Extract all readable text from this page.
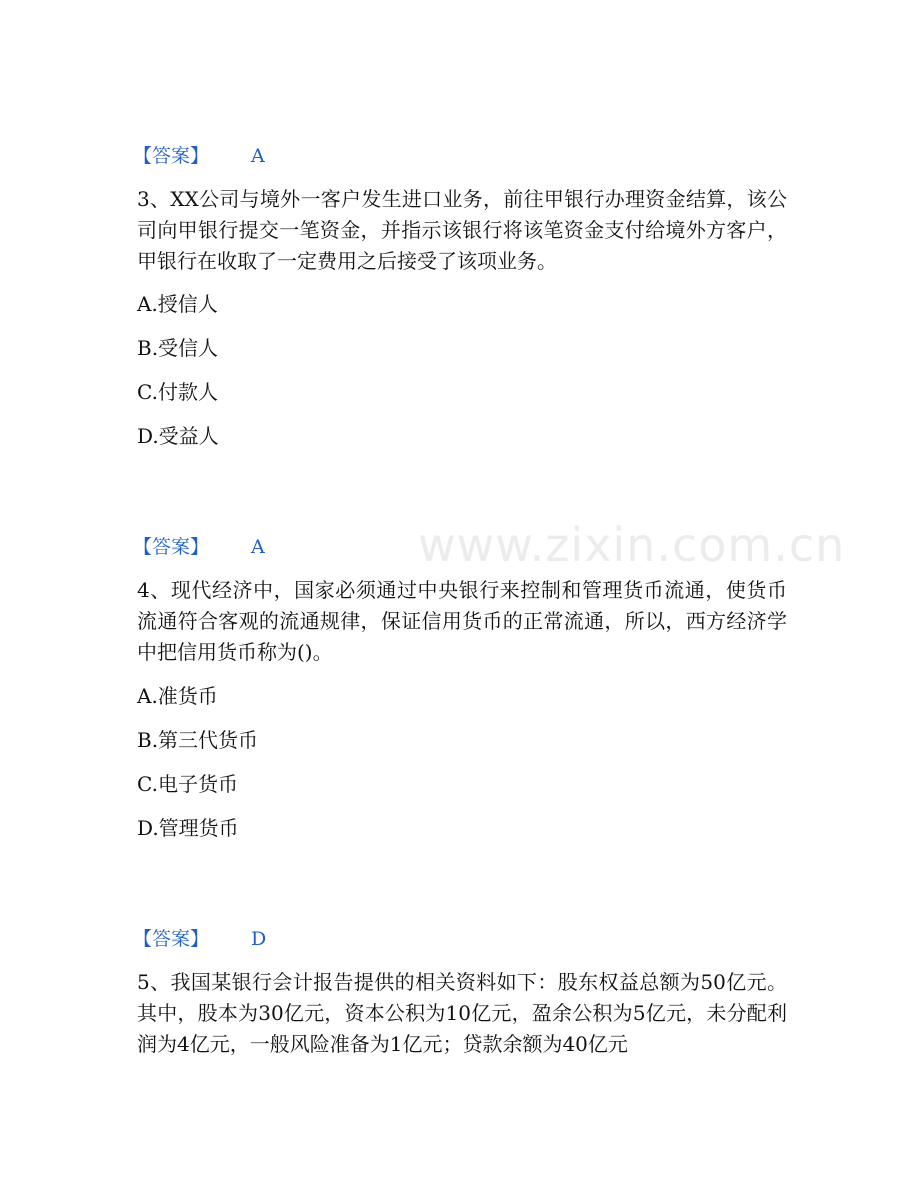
www.zixin.com.cn
【答案】 A

3、XX公司与境外一客户发生进口业务，前往甲银行办理资金结算，该公司向甲银行提交一笔资金，并指示该银行将该笔资金支付给境外方客户，甲银行在收取了一定费用之后接受了该项业务。

A.授信人
B.受信人
C.付款人
D.受益人
【答案】 A

4、现代经济中，国家必须通过中央银行来控制和管理货币流通，使货币流通符合客观的流通规律，保证信用货币的正常流通，所以，西方经济学中把信用货币称为()。

A.准货币
B.第三代货币
C.电子货币
D.管理货币
【答案】 D

5、我国某银行会计报告提供的相关资料如下：股东权益总额为50亿元。其中，股本为30亿元，资本公积为10亿元，盈余公积为5亿元，未分配利润为4亿元，一般风险准备为1亿元；贷款余额为40亿元
